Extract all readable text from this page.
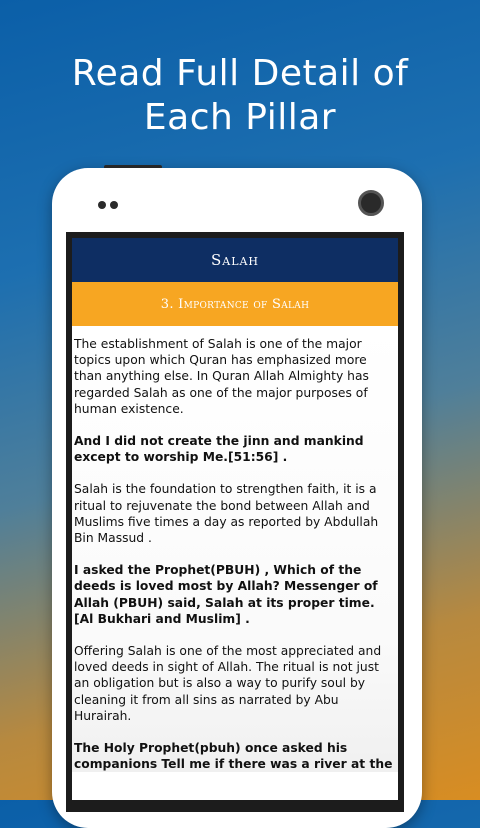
Read Full Detail of
Each Pillar
Salah
3. Importance of Salah

The establishment of Salah is one of the major topics upon which Quran has emphasized more than anything else. In Quran Allah Almighty has regarded Salah as one of the major purposes of human existence.

And I did not create the jinn and mankind except to worship Me.[51:56] .

Salah is the foundation to strengthen faith, it is a ritual to rejuvenate the bond between Allah and Muslims five times a day as reported by Abdullah Bin Massud .

I asked the Prophet(PBUH) , Which of the deeds is loved most by Allah? Messenger of Allah (PBUH) said, Salah at its proper time. [Al Bukhari and Muslim] .

Offering Salah is one of the most appreciated and loved deeds in sight of Allah. The ritual is not just an obligation but is also a way to purify soul by cleaning it from all sins as narrated by Abu Hurairah.

The Holy Prophet(pbuh) once asked his companions Tell me if there was a river at the
